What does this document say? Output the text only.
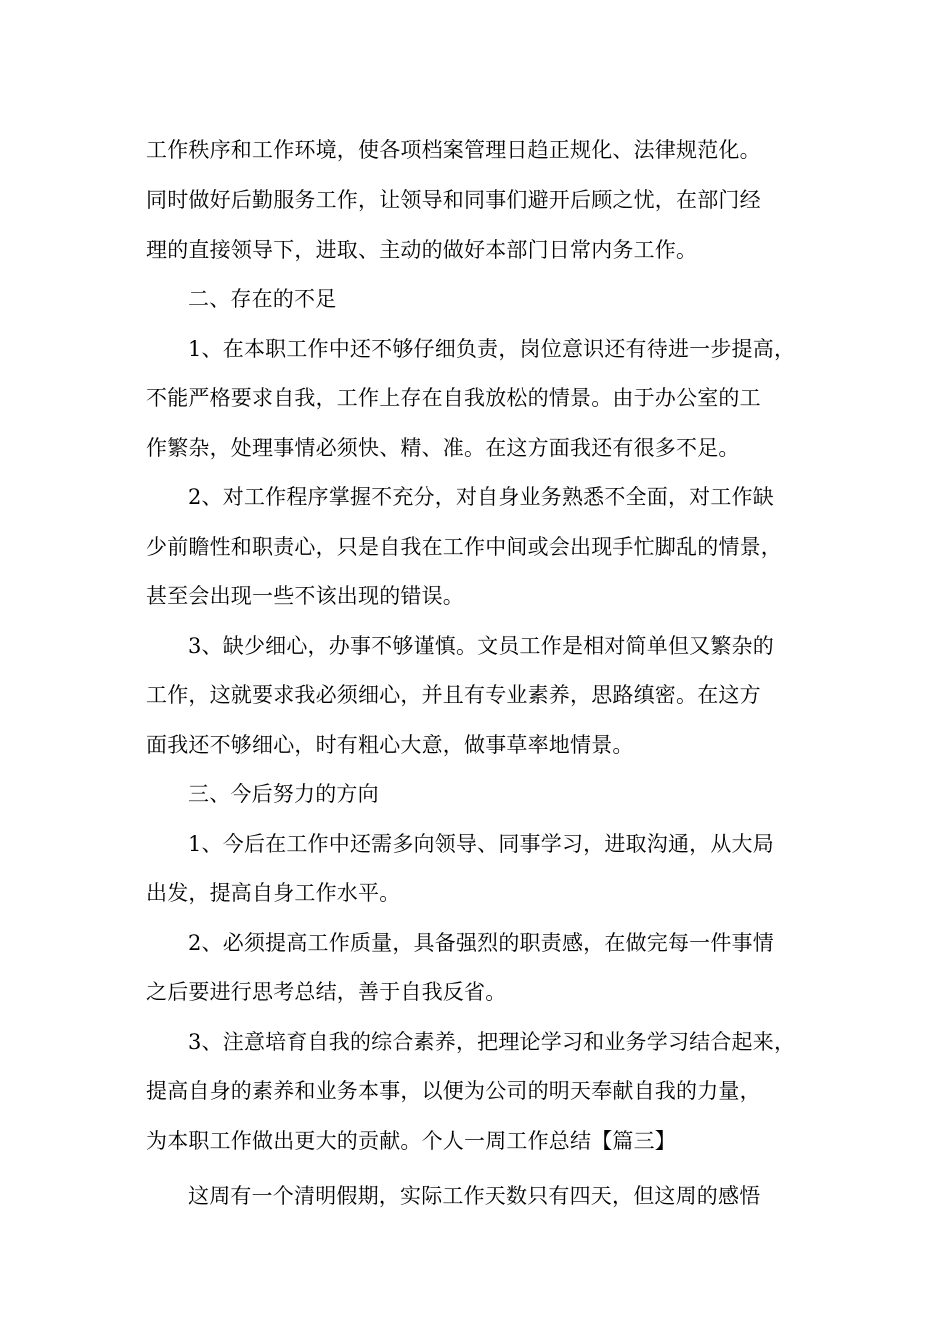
工作秩序和工作环境，使各项档案管理日趋正规化、法律规范化。
同时做好后勤服务工作，让领导和同事们避开后顾之忧，在部门经
理的直接领导下，进取、主动的做好本部门日常内务工作。
二、存在的不足
1、在本职工作中还不够仔细负责，岗位意识还有待进一步提高，
不能严格要求自我，工作上存在自我放松的情景。由于办公室的工
作繁杂，处理事情必须快、精、准。在这方面我还有很多不足。
2、对工作程序掌握不充分，对自身业务熟悉不全面，对工作缺
少前瞻性和职责心，只是自我在工作中间或会出现手忙脚乱的情景，
甚至会出现一些不该出现的错误。
3、缺少细心，办事不够谨慎。文员工作是相对简单但又繁杂的
工作，这就要求我必须细心，并且有专业素养，思路缜密。在这方
面我还不够细心，时有粗心大意，做事草率地情景。
三、今后努力的方向
1、今后在工作中还需多向领导、同事学习，进取沟通，从大局
出发，提高自身工作水平。
2、必须提高工作质量，具备强烈的职责感，在做完每一件事情
之后要进行思考总结，善于自我反省。
3、注意培育自我的综合素养，把理论学习和业务学习结合起来，
提高自身的素养和业务本事，以便为公司的明天奉献自我的力量，
为本职工作做出更大的贡献。个人一周工作总结【篇三】
这周有一个清明假期，实际工作天数只有四天，但这周的感悟
